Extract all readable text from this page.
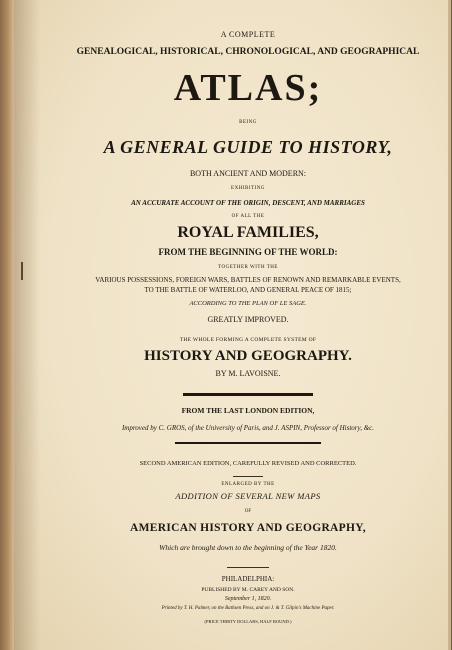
A COMPLETE
GENEALOGICAL, HISTORICAL, CHRONOLOGICAL, AND GEOGRAPHICAL
ATLAS;
BEING
A GENERAL GUIDE TO HISTORY,
BOTH ANCIENT AND MODERN:
EXHIBITING
AN ACCURATE ACCOUNT OF THE ORIGIN, DESCENT, AND MARRIAGES
OF ALL THE
ROYAL FAMILIES,
FROM THE BEGINNING OF THE WORLD:
TOGETHER WITH THE
VARIOUS POSSESSIONS, FOREIGN WARS, BATTLES OF RENOWN AND REMARKABLE EVENTS,
TO THE BATTLE OF WATERLOO, AND GENERAL PEACE OF 1815;
ACCORDING TO THE PLAN OF LE SAGE.
GREATLY IMPROVED.
THE WHOLE FORMING A COMPLETE SYSTEM OF
HISTORY AND GEOGRAPHY.
BY M. LAVOISNE.
FROM THE LAST LONDON EDITION,
Improved by C. GROS, of the University of Paris, and J. ASPIN, Professor of History, &c.
SECOND AMERICAN EDITION, CAREFULLY REVISED AND CORRECTED.
ENLARGED BY THE
ADDITION OF SEVERAL NEW MAPS
OF
AMERICAN HISTORY AND GEOGRAPHY,
Which are brought down to the beginning of the Year 1820.
PHILADELPHIA:
PUBLISHED BY M. CAREY AND SON.
September 1, 1820.
Printed by T. H. Palmer, on the Bathsen Press, and on J. & T. Gilpin's Machine Paper.
(PRICE THIRTY DOLLARS, HALF BOUND.)
